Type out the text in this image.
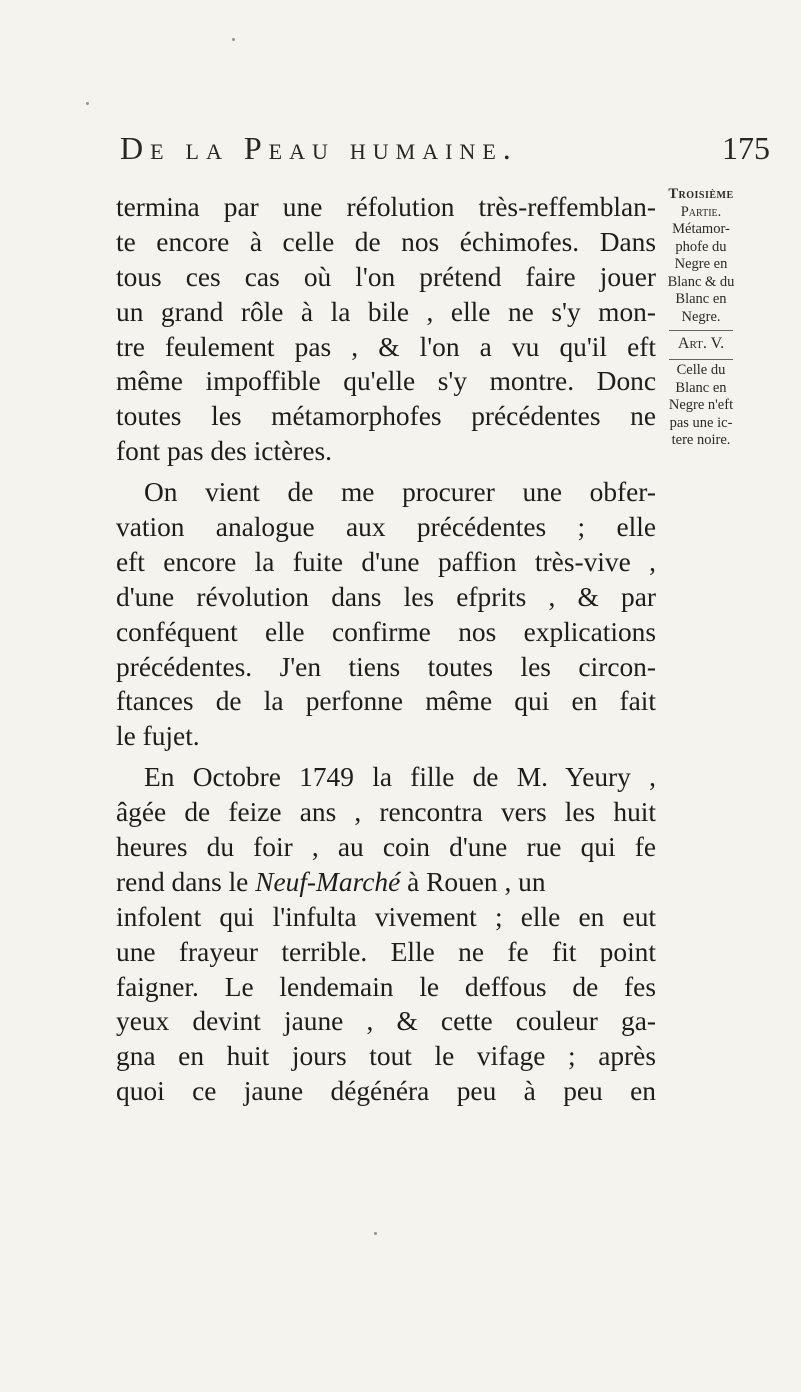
De la Peau humaine.	175
termina par une réfolution très-reffemblan-
te encore à celle de nos échimofes. Dans
tous ces cas où l'on prétend faire jouer
un grand rôle à la bile , elle ne s'y mon-
tre feulement pas , & l'on a vu qu'il eft
même impoffible qu'elle s'y montre. Donc
toutes les métamorphofes précédentes ne
font pas des ictères.
On vient de me procurer une obfer-
vation analogue aux précédentes ; elle
eft encore la fuite d'une paffion très-vive ,
d'une révolution dans les efprits , & par
conféquent elle confirme nos explications
précédentes. J'en tiens toutes les circon-
ftances de la perfonne même qui en fait
le fujet.
En Octobre 1749 la fille de M. Yeury ,
âgée de feize ans , rencontra vers les huit
heures du foir , au coin d'une rue qui fe
rend dans le Neuf-Marché à Rouen , un
infolent qui l'infulta vivement ; elle en eut
une frayeur terrible. Elle ne fe fit point
faigner. Le lendemain le deffous de fes
yeux devint jaune , & cette couleur ga-
gna en huit jours tout le vifage ; après
quoi ce jaune dégénéra peu à peu en
Troisième
Partie.
Métamor-
phofe du
Negre en
Blanc & du
Blanc en
Negre.
Art. V.
Celle du
Blanc en
Negre n'eft
pas une ic-
tere noire.
